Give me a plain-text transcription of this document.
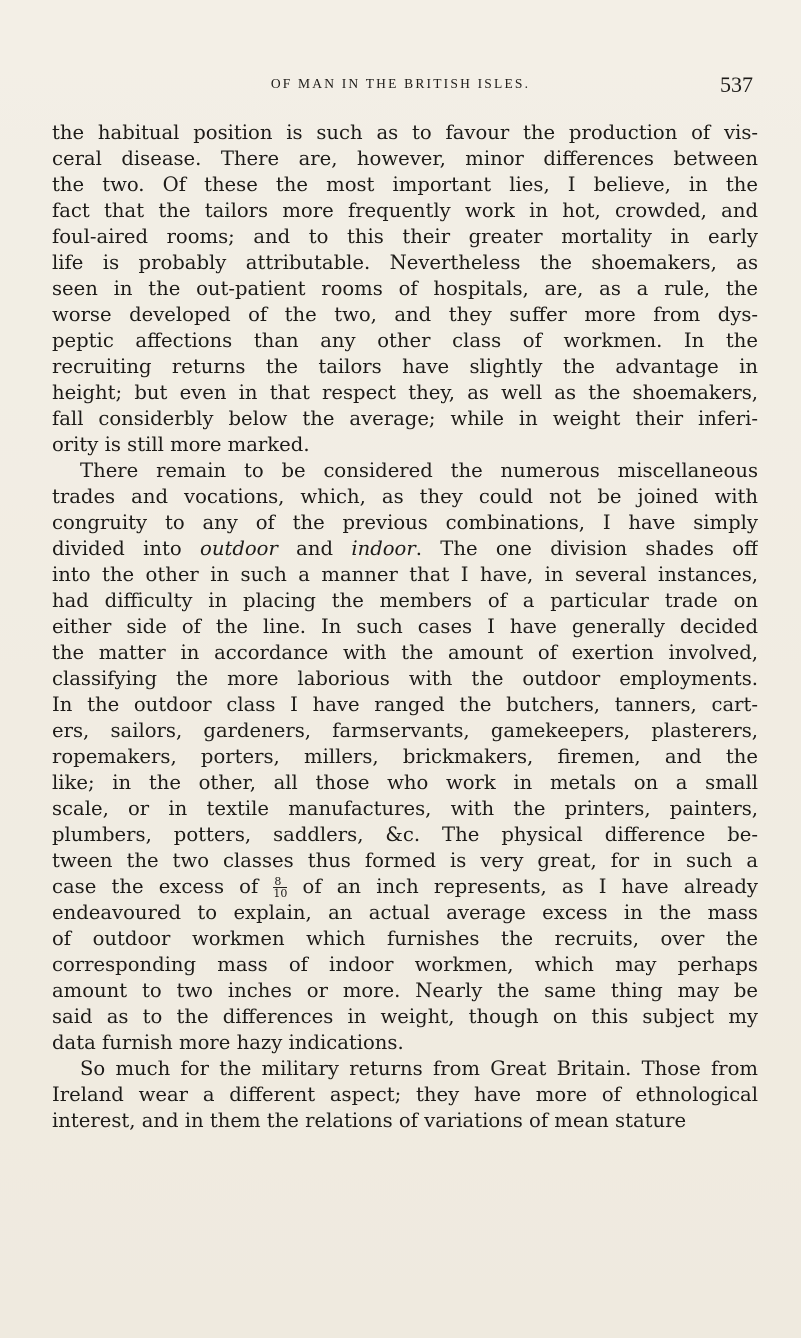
OF MAN IN THE BRITISH ISLES.	537
the habitual position is such as to favour the production of vis-
ceral disease. There are, however, minor differences between
the two. Of these the most important lies, I believe, in the
fact that the tailors more frequently work in hot, crowded, and
foul-aired rooms; and to this their greater mortality in early
life is probably attributable. Nevertheless the shoemakers, as
seen in the out-patient rooms of hospitals, are, as a rule, the
worse developed of the two, and they suffer more from dys-
peptic affections than any other class of workmen. In the
recruiting returns the tailors have slightly the advantage in
height; but even in that respect they, as well as the shoemakers,
fall considerbly below the average; while in weight their inferi-
ority is still more marked.
There remain to be considered the numerous miscellaneous
trades and vocations, which, as they could not be joined with
congruity to any of the previous combinations, I have simply
divided into outdoor and indoor. The one division shades off
into the other in such a manner that I have, in several instances,
had difficulty in placing the members of a particular trade on
either side of the line. In such cases I have generally decided
the matter in accordance with the amount of exertion involved,
classifying the more laborious with the outdoor employments.
In the outdoor class I have ranged the butchers, tanners, cart-
ers, sailors, gardeners, farmservants, gamekeepers, plasterers,
ropemakers, porters, millers, brickmakers, firemen, and the
like; in the other, all those who work in metals on a small
scale, or in textile manufactures, with the printers, painters,
plumbers, potters, saddlers, &c. The physical difference be-
tween the two classes thus formed is very great, for in such a
case the excess of $\frac{8}{10}$ of an inch represents, as I have already
endeavoured to explain, an actual average excess in the mass
of outdoor workmen which furnishes the recruits, over the
corresponding mass of indoor workmen, which may perhaps
amount to two inches or more. Nearly the same thing may be
said as to the differences in weight, though on this subject my
data furnish more hazy indications.
So much for the military returns from Great Britain. Those from
Ireland wear a different aspect; they have more of ethnological
interest, and in them the relations of variations of mean stature
